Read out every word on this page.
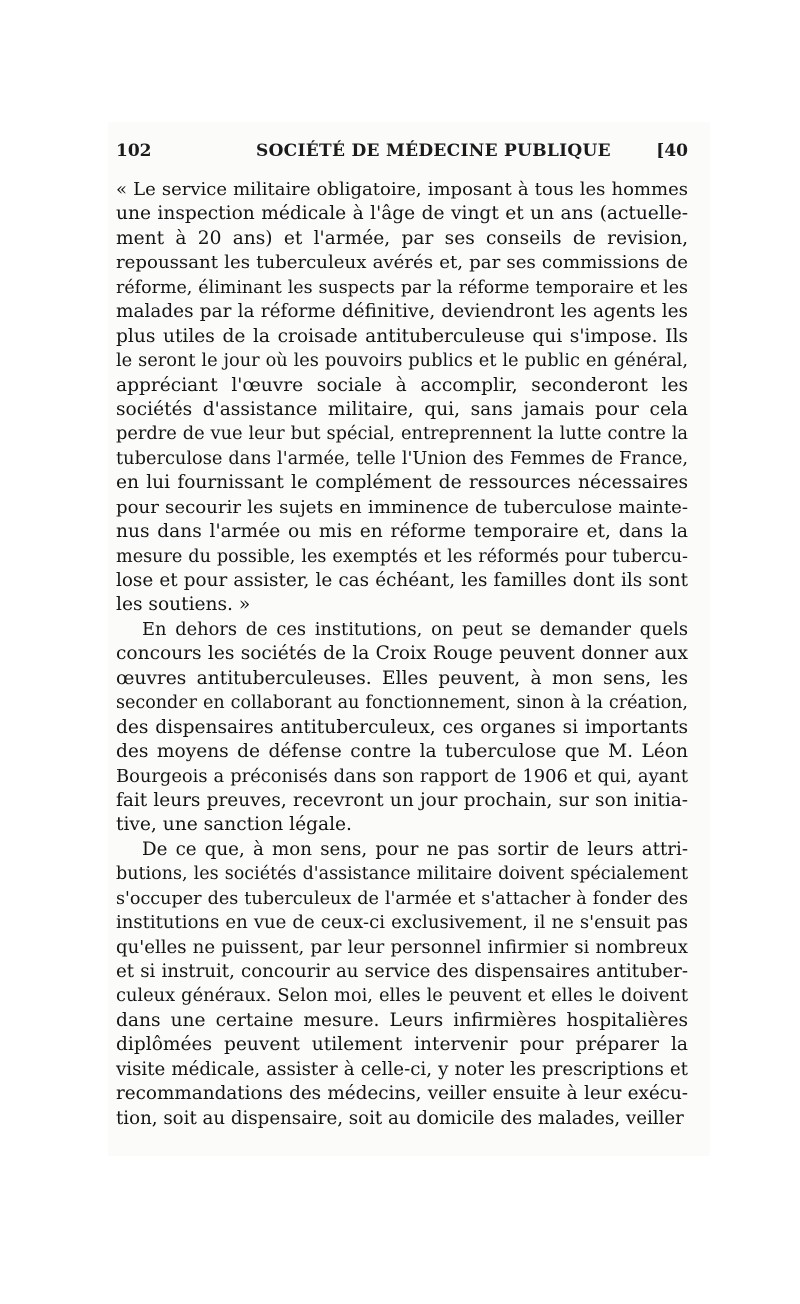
102	SOCIÉTÉ DE MÉDECINE PUBLIQUE	[40
« Le service militaire obligatoire, imposant à tous les hommes
une inspection médicale à l'âge de vingt et un ans (actuelle-
ment à 20 ans) et l'armée, par ses conseils de revision,
repoussant les tuberculeux avérés et, par ses commissions de
réforme, éliminant les suspects par la réforme temporaire et les
malades par la réforme définitive, deviendront les agents les
plus utiles de la croisade antituberculeuse qui s'impose. Ils
le seront le jour où les pouvoirs publics et le public en général,
appréciant l'œuvre sociale à accomplir, seconderont les
sociétés d'assistance militaire, qui, sans jamais pour cela
perdre de vue leur but spécial, entreprennent la lutte contre la
tuberculose dans l'armée, telle l'Union des Femmes de France,
en lui fournissant le complément de ressources nécessaires
pour secourir les sujets en imminence de tuberculose mainte-
nus dans l'armée ou mis en réforme temporaire et, dans la
mesure du possible, les exemptés et les réformés pour tubercu-
lose et pour assister, le cas échéant, les familles dont ils sont
les soutiens. »
En dehors de ces institutions, on peut se demander quels
concours les sociétés de la Croix Rouge peuvent donner aux
œuvres antituberculeuses. Elles peuvent, à mon sens, les
seconder en collaborant au fonctionnement, sinon à la création,
des dispensaires antituberculeux, ces organes si importants
des moyens de défense contre la tuberculose que M. Léon
Bourgeois a préconisés dans son rapport de 1906 et qui, ayant
fait leurs preuves, recevront un jour prochain, sur son initia-
tive, une sanction légale.
De ce que, à mon sens, pour ne pas sortir de leurs attri-
butions, les sociétés d'assistance militaire doivent spécialement
s'occuper des tuberculeux de l'armée et s'attacher à fonder des
institutions en vue de ceux-ci exclusivement, il ne s'ensuit pas
qu'elles ne puissent, par leur personnel infirmier si nombreux
et si instruit, concourir au service des dispensaires antituber-
culeux généraux. Selon moi, elles le peuvent et elles le doivent
dans une certaine mesure. Leurs infirmières hospitalières
diplômées peuvent utilement intervenir pour préparer la
visite médicale, assister à celle-ci, y noter les prescriptions et
recommandations des médecins, veiller ensuite à leur exécu-
tion, soit au dispensaire, soit au domicile des malades, veiller
